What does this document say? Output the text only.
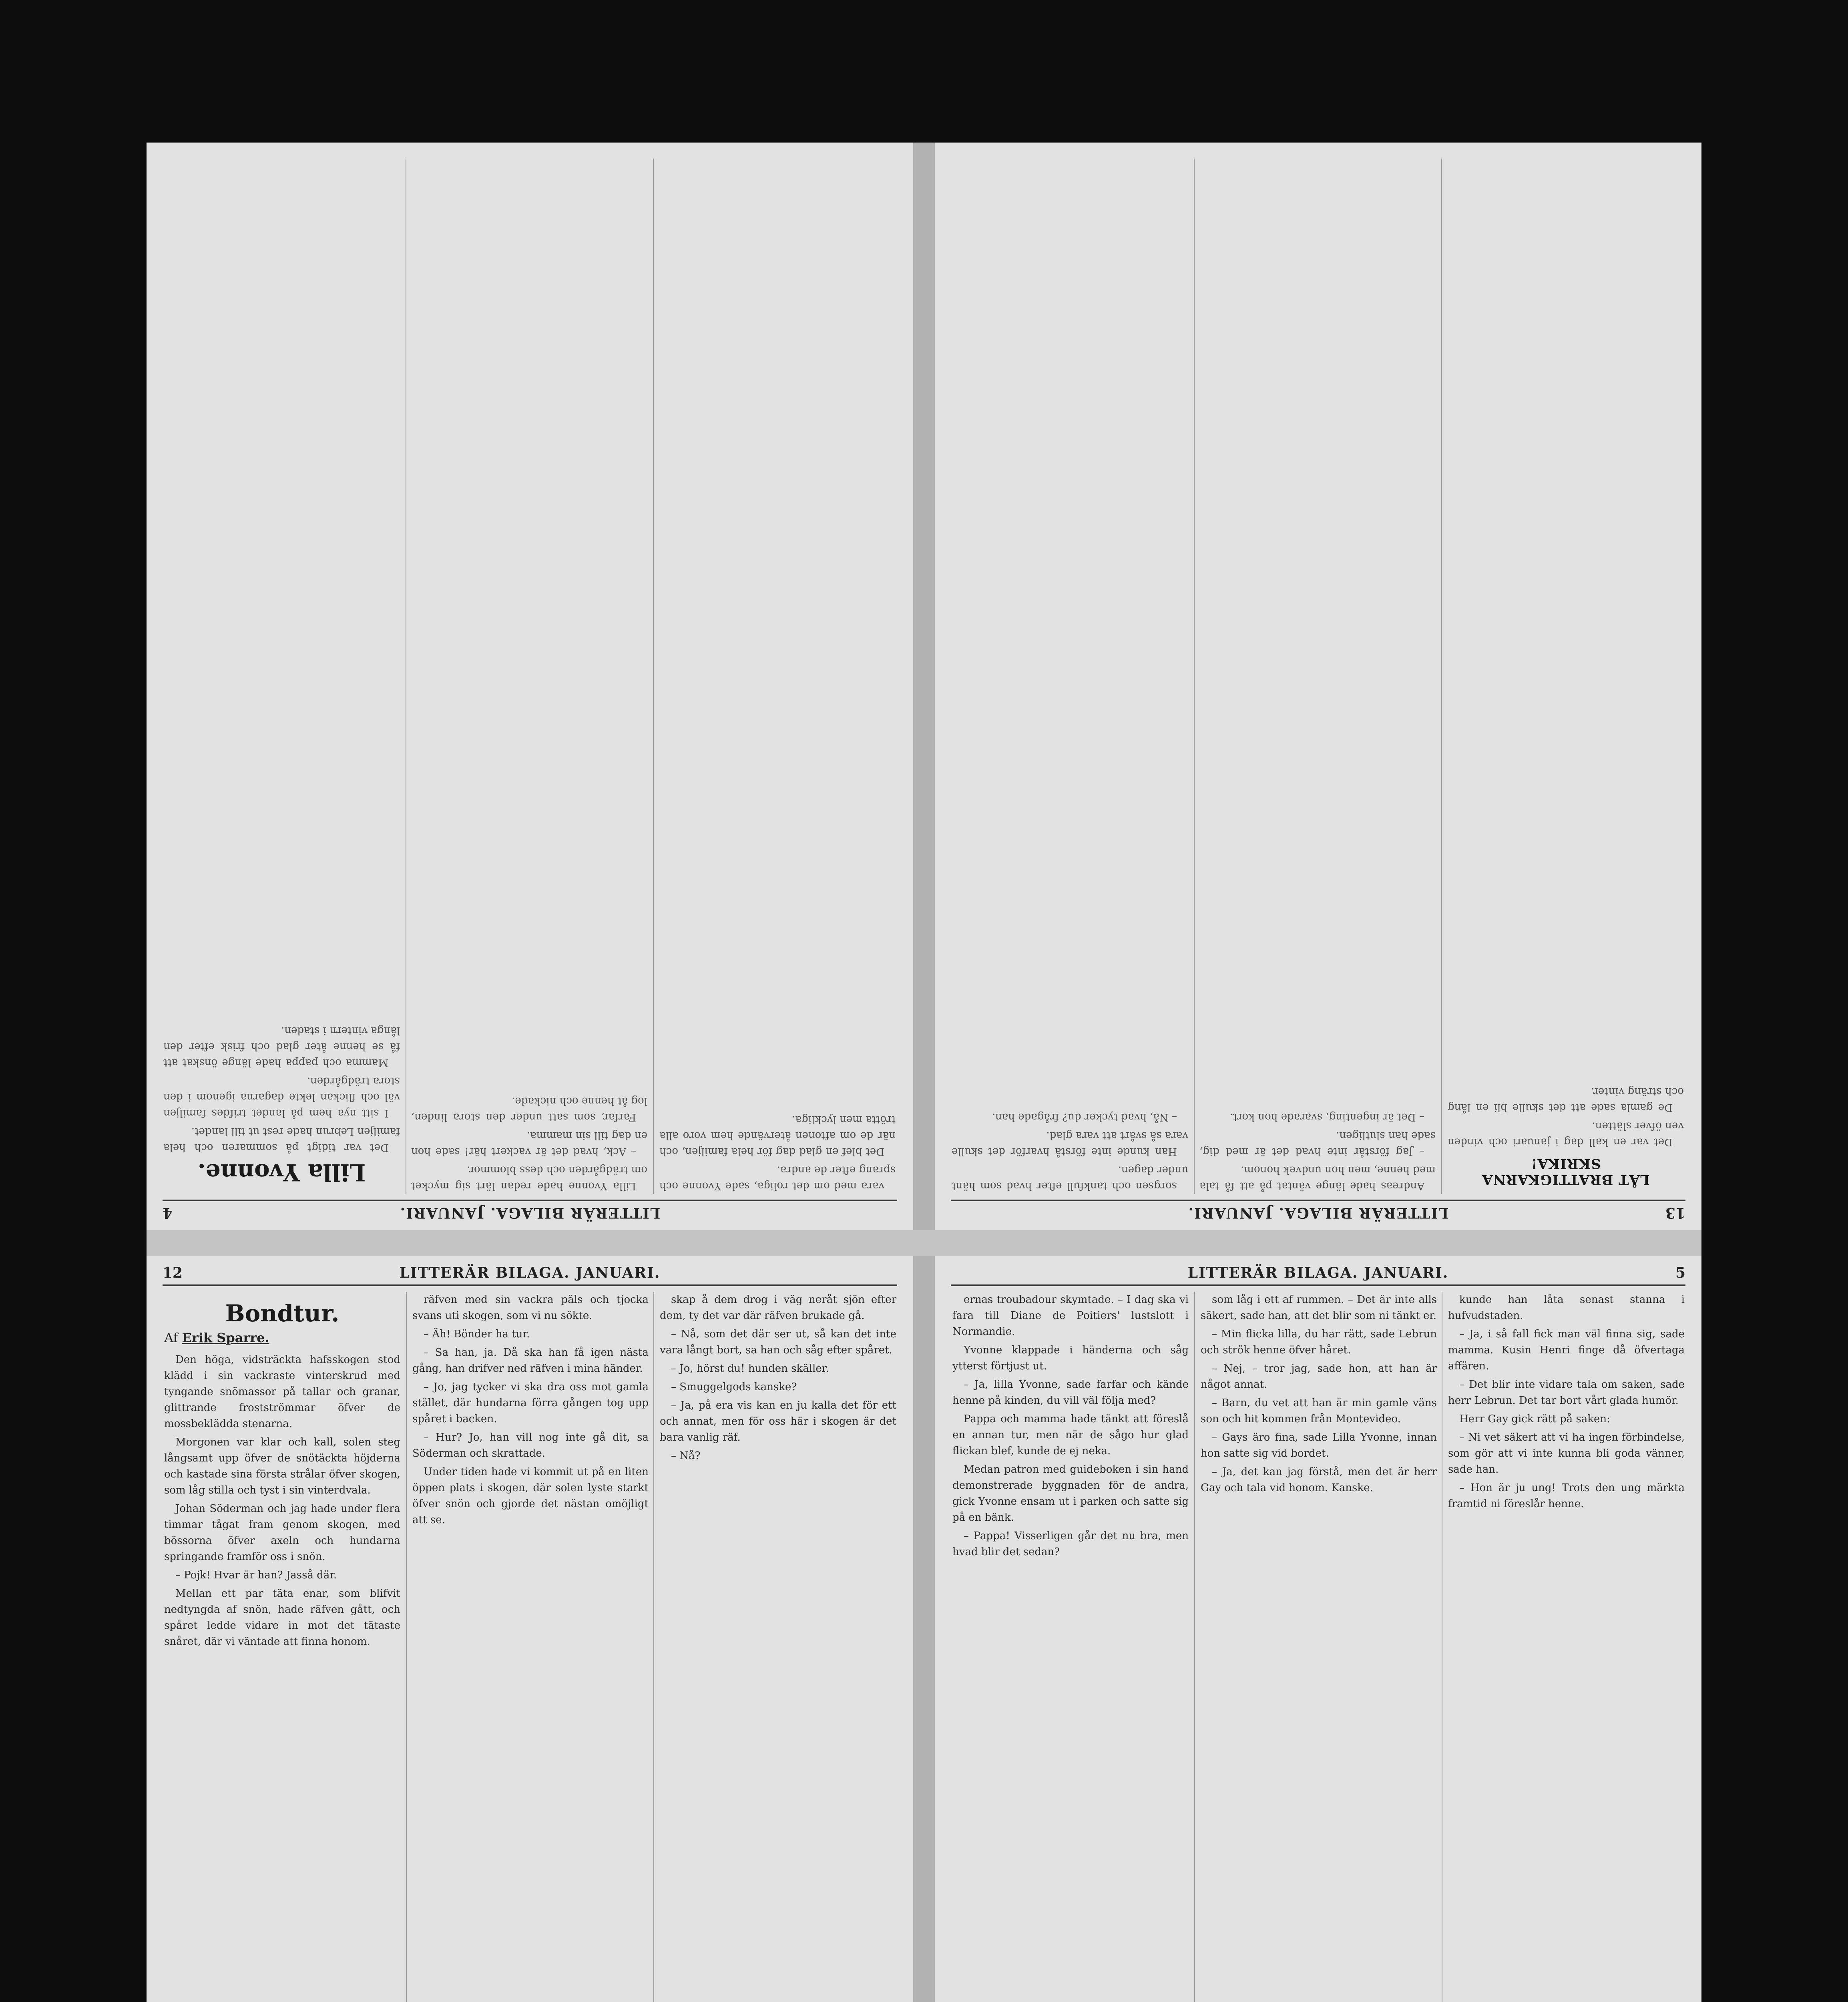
13
LITTERÄR BILAGA. JANUARI.
LÅT BRATTIGKARNA SKRIKA!

Det var en kall dag i januari och vinden ven öfver slätten.

De gamla sade att det skulle bli en lång och sträng vinter.

Andreas hade länge väntat på att få tala med henne, men hon undvek honom.

– Jag förstår inte hvad det är med dig, sade han slutligen.

– Det är ingenting, svarade hon kort.

sorgsen och tankfull efter hvad som hänt under dagen.

Han kunde inte förstå hvarför det skulle vara så svårt att vara glad.

– Nå, hvad tycker du? frågade han.

LITTERÄR BILAGA. JANUARI.
4

vara med om det roliga, sade Yvonne och sprang efter de andra.

Det blef en glad dag för hela familjen, och när de om aftonen återvände hem voro alla trötta men lyckliga.

Lilla Yvonne hade redan lärt sig mycket om trädgården och dess blommor.

– Ack, hvad det är vackert här! sade hon en dag till sin mamma.

Farfar, som satt under den stora linden, log åt henne och nickade.

Lilla Yvonne.

Det var tidigt på sommaren och hela familjen Lebrun hade rest ut till landet.

I sitt nya hem på landet trifdes familjen väl och flickan lekte dagarna igenom i den stora trädgården.

Mamma och pappa hade länge önskat att få se henne åter glad och frisk efter den långa vintern i staden.

12	LITTERÄR BILAGA. JANUARI.
Bondtur.
Af Erik Sparre.

Den höga, vidsträckta hafsskogen stod klädd i sin vackraste vinterskrud med tyngande snömassor på tallar och granar, glittrande frostströmmar öfver de mossbeklädda stenarna.

Morgonen var klar och kall, solen steg långsamt upp öfver de snötäckta höjderna och kastade sina första strålar öfver skogen, som låg stilla och tyst i sin vinterdvala.

Johan Söderman och jag hade under flera timmar tågat fram genom skogen, med bössorna öfver axeln och hundarna springande framför oss i snön.

– Pojk! Hvar är han? Jasså där.

Mellan ett par täta enar, som blifvit nedtyngda af snön, hade räfven gått, och spåret ledde vidare in mot det tätaste snåret, där vi väntade att finna honom.

räfven med sin vackra päls och tjocka svans uti skogen, som vi nu sökte.

– Äh! Bönder ha tur.

– Sa han, ja. Då ska han få igen nästa gång, han drifver ned räfven i mina händer.

– Jo, jag tycker vi ska dra oss mot gamla stället, där hundarna förra gången tog upp spåret i backen.

– Hur? Jo, han vill nog inte gå dit, sa Söderman och skrattade.

Under tiden hade vi kommit ut på en liten öppen plats i skogen, där solen lyste starkt öfver snön och gjorde det nästan omöjligt att se.

skap å dem drog i väg neråt sjön efter dem, ty det var där räfven brukade gå.

– Nå, som det där ser ut, så kan det inte vara långt bort, sa han och såg efter spåret.

– Jo, hörst du! hunden skäller.

– Smuggelgods kanske?

– Ja, på era vis kan en ju kalla det för ett och annat, men för oss här i skogen är det bara vanlig räf.

– Nå?

LITTERÄR BILAGA. JANUARI.	5

ernas troubadour skymtade. – I dag ska vi fara till Diane de Poitiers' lustslott i Normandie.

Yvonne klappade i händerna och såg ytterst förtjust ut.

– Ja, lilla Yvonne, sade farfar och kände henne på kinden, du vill väl följa med?

Pappa och mamma hade tänkt att föreslå en annan tur, men när de sågo hur glad flickan blef, kunde de ej neka.

Medan patron med guideboken i sin hand demonstrerade byggnaden för de andra, gick Yvonne ensam ut i parken och satte sig på en bänk.

– Pappa! Visserligen går det nu bra, men hvad blir det sedan?

som låg i ett af rummen. – Det är inte alls säkert, sade han, att det blir som ni tänkt er.

– Min flicka lilla, du har rätt, sade Lebrun och strök henne öfver håret.

– Nej, – tror jag, sade hon, att han är något annat.

– Barn, du vet att han är min gamle väns son och hit kommen från Montevideo.

– Gays äro fina, sade Lilla Yvonne, innan hon satte sig vid bordet.

– Ja, det kan jag förstå, men det är herr Gay och tala vid honom. Kanske.

kunde han låta senast stanna i hufvudstaden.

– Ja, i så fall fick man väl finna sig, sade mamma. Kusin Henri finge då öfvertaga affären.

– Det blir inte vidare tala om saken, sade herr Lebrun. Det tar bort vårt glada humör.

Herr Gay gick rätt på saken:

– Ni vet säkert att vi ha ingen förbindelse, som gör att vi inte kunna bli goda vänner, sade han.

– Hon är ju ung! Trots den ung märkta framtid ni föreslår henne.
